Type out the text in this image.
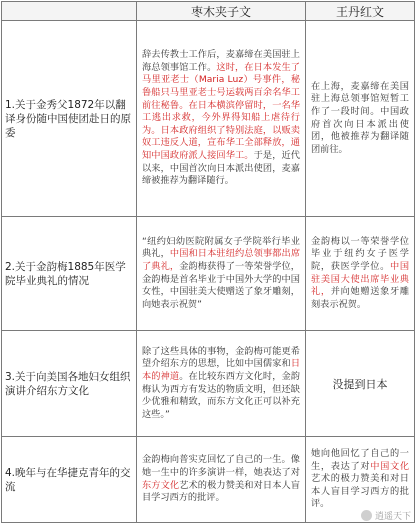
	枣木夹子文	王丹红文
1.关于金秀父1872年以翻译身份随中国使团赴日的原委	辞去传教士工作后，麦嘉缔在美国驻上海总领事馆工作。这时，在日本发生了马里亚老士（Maria Luz）号事件，秘鲁船只马里亚老士号运载两百余名华工前往秘鲁。在日本横滨停留时，一名华工逃出求救，今外界得知船上虐待行为。日本政府组织了特别法庭，以贩卖奴工违反人道，宣布华工全部释放，通知中国政府派人接回华工。于是，近代以来，中国首次向日本派出使团，麦嘉缔被推荐为翻译随行。	在上海，麦嘉缔在美国驻上海总领事馆短暂工作了一段时间。中国政府首次向日本派出使团，他被推荐为翻译随团前往。
2.关于金韵梅1885年医学院毕业典礼的情况	“纽约妇幼医院附属女子学院举行毕业典礼，中国和日本驻纽约总领事都出席了典礼，金韵梅获得了一等荣誉学位，金韵梅是首名毕业于中国外大学的中国女性，中国驻美大使赠送了象牙雕刻，向她表示祝贺”	金韵梅以一等荣誉学位毕业于纽约女子医学院，获医学学位。中国驻美国大使出席毕业典礼，并向她赠送象牙雕刻表示祝贺。
3.关于向美国各地妇女组织演讲介绍东方文化	除了这些具体的事物，金韵梅可能更希望介绍东方的思想，比如中国儒家和日本的神道。在比较东西方文化时，金韵梅认为西方有发达的物质文明，但还缺少优雅和精致，而东方文化正可以补充这些。”	没提到日本
4.晚年与在华捷克青年的交流	金韵梅向普实克回忆了自己的一生。像她一生中的许多演讲一样，她表达了对东方文化艺术的极力赞美和对日本人盲目学习西方的批评。	她向他回忆了自己的一生，表达了对中国文化艺术的极力赞美和对日本人盲目学习西方的批评。
逍遥天下
